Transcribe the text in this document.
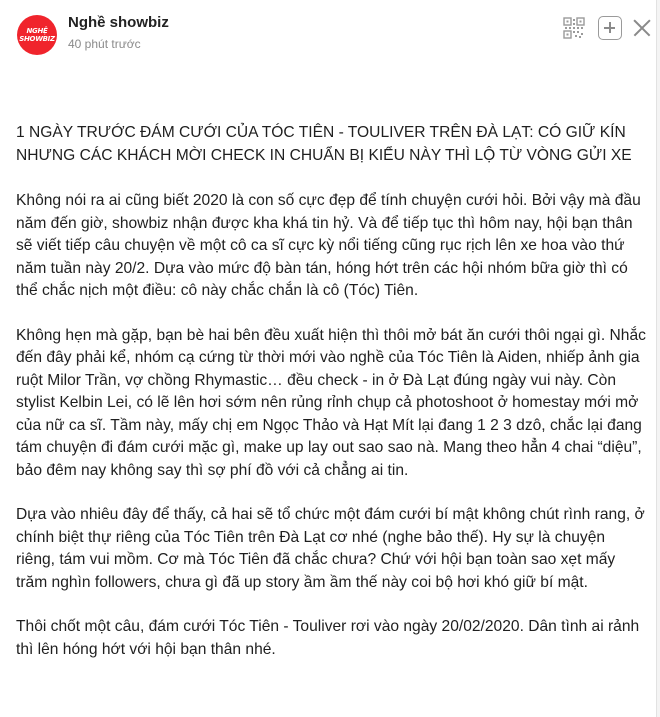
NGHỆ
SHOWBIZ
Nghề showbiz
40 phút trước

1 NGÀY TRƯỚC ĐÁM CƯỚI CỦA TÓC TIÊN - TOULIVER TRÊN ĐÀ LẠT: CÓ GIỮ KÍN NHƯNG CÁC KHÁCH MỜI CHECK IN CHUẨN BỊ KIỂU NÀY THÌ LỘ TỪ VÒNG GỬI XE

Không nói ra ai cũng biết 2020 là con số cực đẹp để tính chuyện cưới hỏi. Bởi vậy mà đầu năm đến giờ, showbiz nhận được kha khá tin hỷ. Và để tiếp tục thì hôm nay, hội bạn thân sẽ viết tiếp câu chuyện về một cô ca sĩ cực kỳ nổi tiếng cũng rục rịch lên xe hoa vào thứ năm tuần này 20/2. Dựa vào mức độ bàn tán, hóng hớt trên các hội nhóm bữa giờ thì có thể chắc nịch một điều: cô này chắc chắn là cô (Tóc) Tiên.

Không hẹn mà gặp, bạn bè hai bên đều xuất hiện thì thôi mở bát ăn cưới thôi ngại gì. Nhắc đến đây phải kể, nhóm cạ cứng từ thời mới vào nghề của Tóc Tiên là Aiden, nhiếp ảnh gia ruột Milor Trần, vợ chồng Rhymastic… đều check - in ở Đà Lạt đúng ngày vui này. Còn stylist Kelbin Lei, có lẽ lên hơi sớm nên rủng rỉnh chụp cả photoshoot ở homestay mới mở của nữ ca sĩ. Tầm này, mấy chị em Ngọc Thảo và Hạt Mít lại đang 1 2 3 dzô, chắc lại đang tám chuyện đi đám cưới mặc gì, make up lay out sao sao nà. Mang theo hẳn 4 chai “diệu”, bảo đêm nay không say thì sợ phí đồ với cả chẳng ai tin.

Dựa vào nhiêu đây để thấy, cả hai sẽ tổ chức một đám cưới bí mật không chút rình rang, ở chính biệt thự riêng của Tóc Tiên trên Đà Lạt cơ nhé (nghe bảo thế). Hy sự là chuyện riêng, tám vui mồm. Cơ mà Tóc Tiên đã chắc chưa? Chứ với hội bạn toàn sao xẹt mấy trăm nghìn followers, chưa gì đã up story ầm ầm thế này coi bộ hơi khó giữ bí mật.

Thôi chốt một câu, đám cưới Tóc Tiên - Touliver rơi vào ngày 20/02/2020. Dân tình ai rảnh thì lên hóng hớt với hội bạn thân nhé.
